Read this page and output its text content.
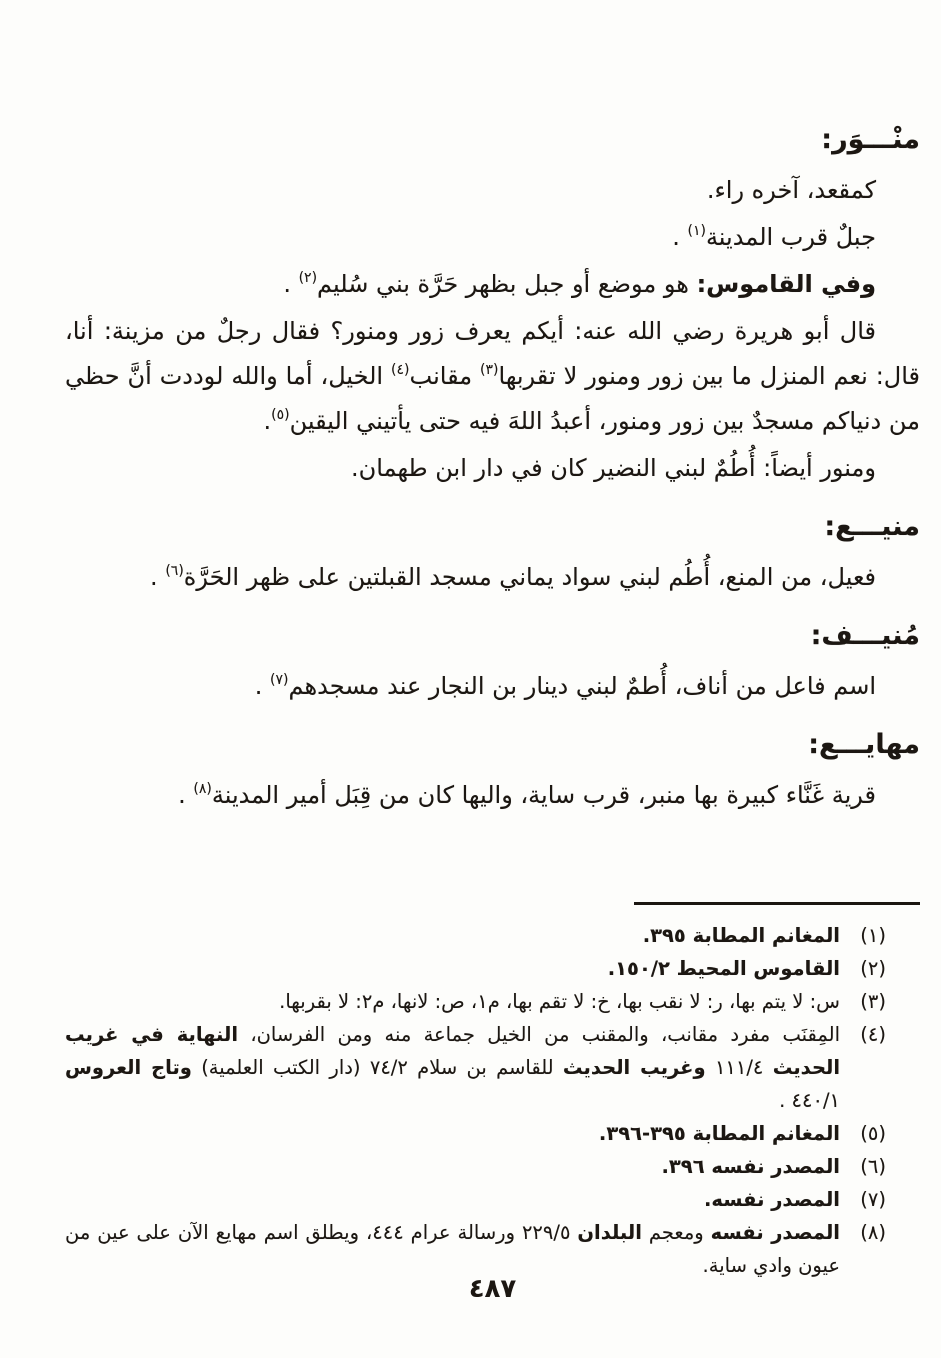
منْـــوَر:

كمقعد، آخره راء.

جبلٌ قرب المدينة$^{(١)}$ .

وفي القاموس: هو موضع أو جبل بظهر حَرَّة بني سُليم$^{(٢)}$ .

قال أبو هريرة رضي الله عنه: أيكم يعرف زور ومنور؟ فقال رجلٌ من مزينة: أنا، قال: نعم المنزل ما بين زور ومنور لا تقربها$^{(٣)}$ مقانب$^{(٤)}$ الخيل، أما والله لوددت أنَّ حظي من دنياكم مسجدٌ بين زور ومنور، أعبدُ اللهَ فيه حتى يأتيني اليقين$^{(٥)}$.

ومنور أيضاً: أُطُمٌ لبني النضير كان في دار ابن طهمان.

منيـــع:

فعيل، من المنع، أُطُم لبني سواد يماني مسجد القبلتين على ظهر الحَرَّة$^{(٦)}$ .

مُنيـــف:

اسم فاعل من أناف، أُطمٌ لبني دينار بن النجار عند مسجدهم$^{(٧)}$ .

مهايـــع:

قرية غَنَّاء كبيرة بها منبر، قرب ساية، واليها كان من قِبَل أمير المدينة$^{(٨)}$ .

(١)
المغانم المطابة ٣٩٥.
(٢)
القاموس المحيط ١٥٠/٢.
(٣)
س: لا يتم بها، ر: لا نقب بها، خ: لا تقم بها، م١، ص: لانها، م٢: لا بقربها.
(٤)
المِقنَب مفرد مقانب، والمقنب من الخيل جماعة منه ومن الفرسان، النهاية في غريب الحديث ١١١/٤ وغريب الحديث للقاسم بن سلام ٧٤/٢ (دار الكتب العلمية) وتاج العروس ٤٤٠/١ .
(٥)
المغانم المطابة ٣٩٥-٣٩٦.
(٦)
المصدر نفسه ٣٩٦.
(٧)
المصدر نفسه.
(٨)
المصدر نفسه ومعجم البلدان ٢٢٩/٥ ورسالة عرام ٤٤٤، ويطلق اسم مهايع الآن على عين من عيون وادي ساية.
٤٨٧
